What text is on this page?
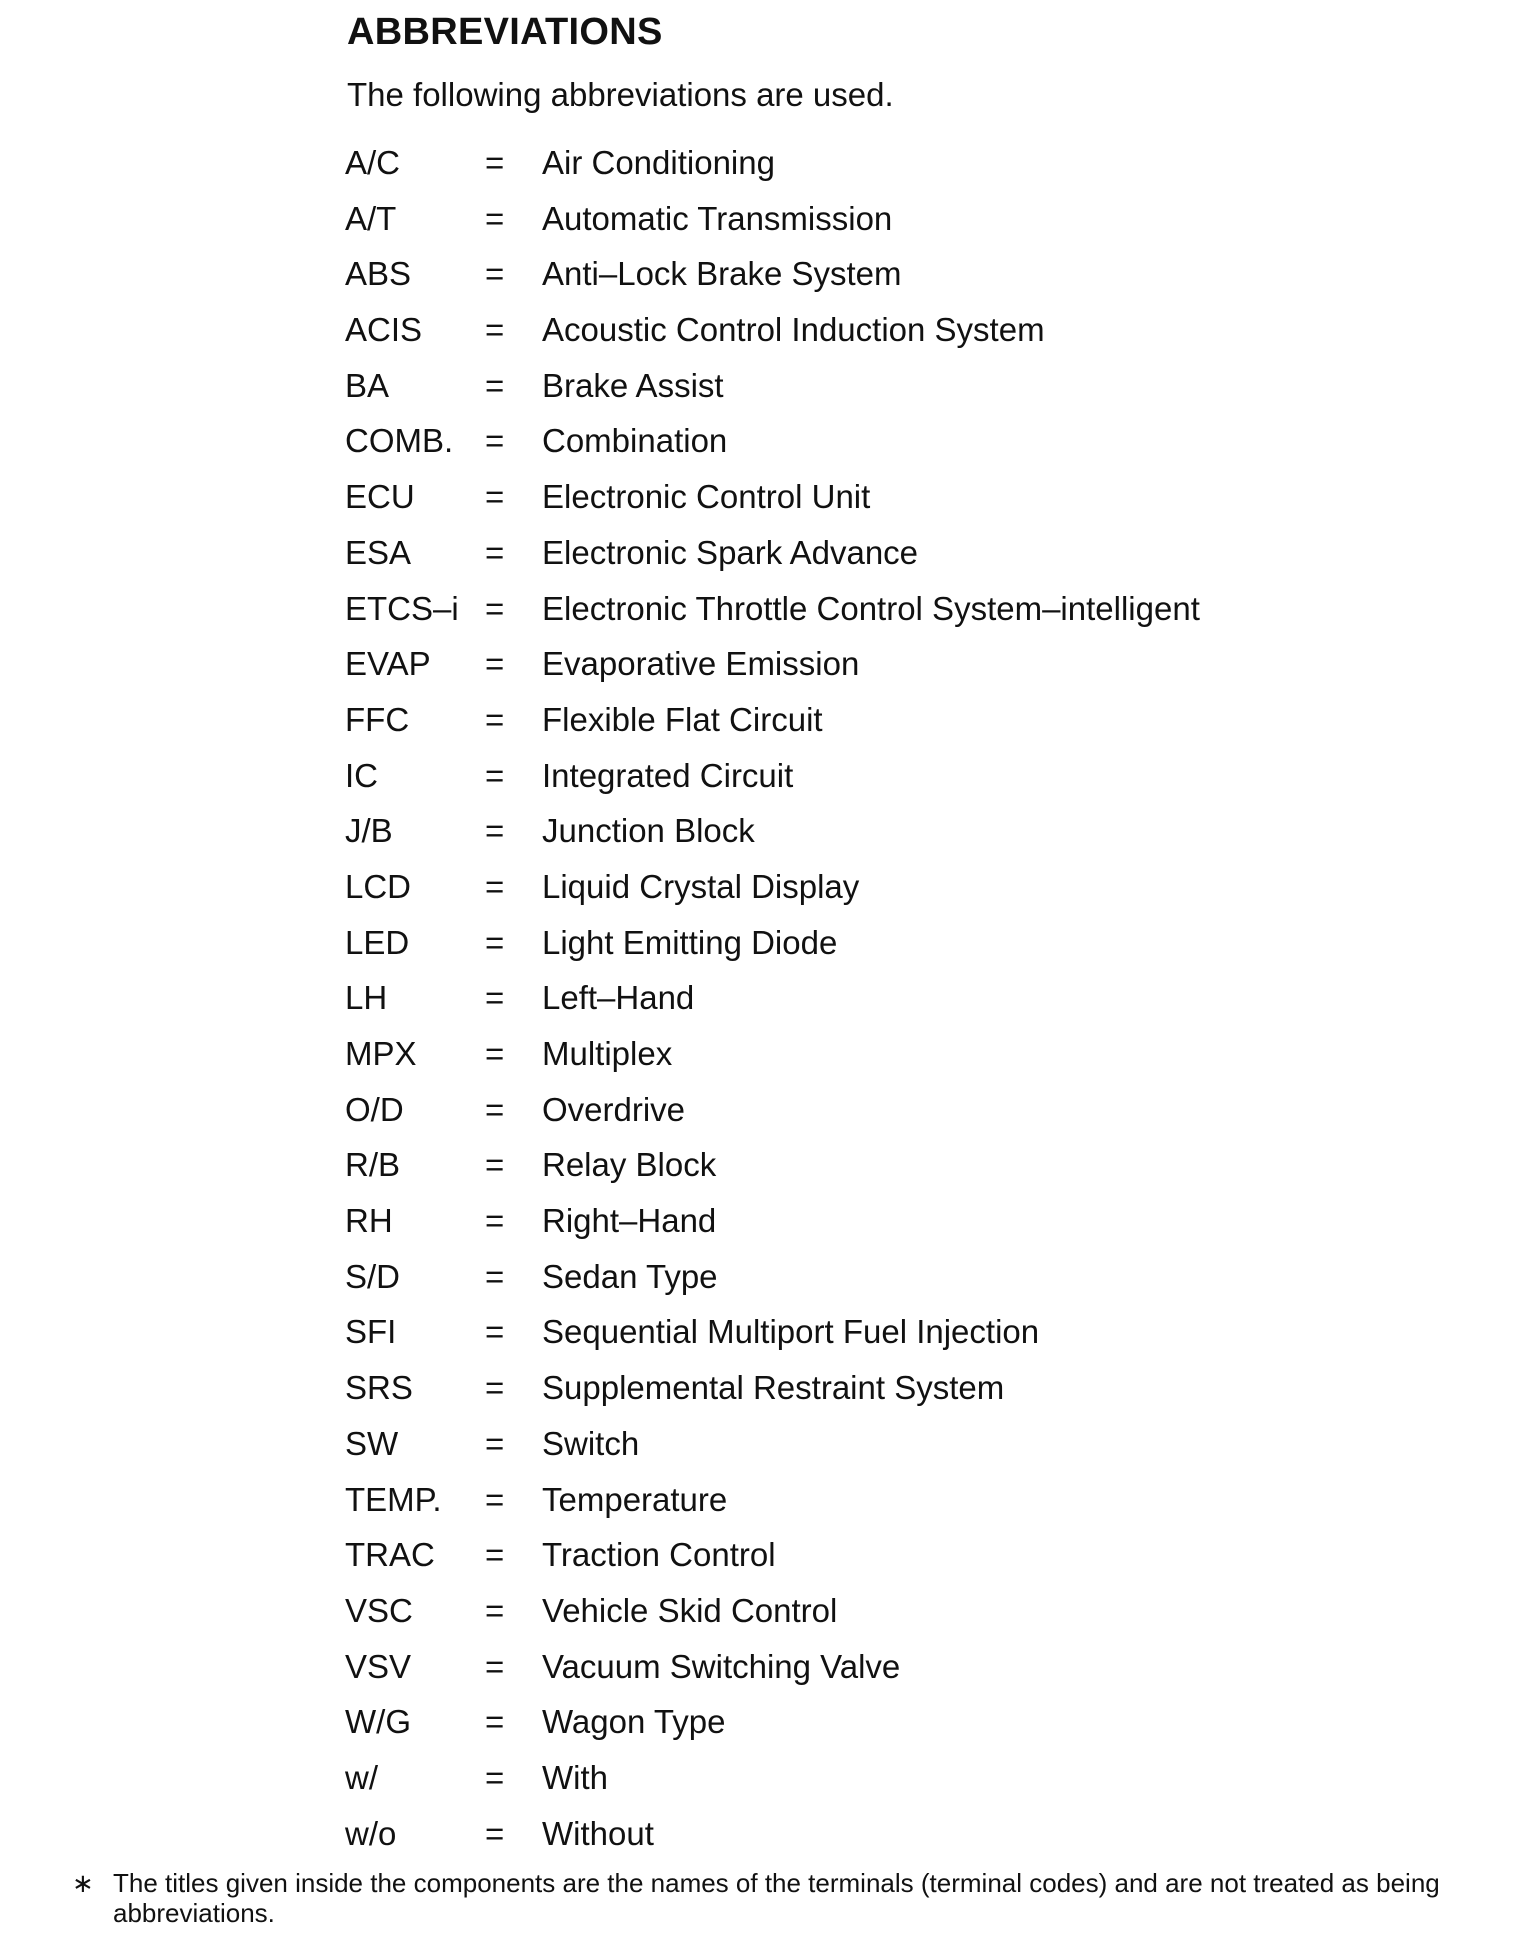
ABBREVIATIONS
The following abbreviations are used.
A/C	= Air Conditioning
A/T	= Automatic Transmission
ABS = Anti–Lock Brake System
ACIS = Acoustic Control Induction System
BA	= Brake Assist
COMB. = Combination
ECU = Electronic Control Unit
ESA = Electronic Spark Advance
ETCS–i = Electronic Throttle Control System–intelligent
EVAP = Evaporative Emission
FFC = Flexible Flat Circuit
IC	= Integrated Circuit
J/B	= Junction Block
LCD = Liquid Crystal Display
LED = Light Emitting Diode
LH	= Left–Hand
MPX = Multiplex
O/D = Overdrive
R/B	= Relay Block
RH	= Right–Hand
S/D	= Sedan Type
SFI	= Sequential Multiport Fuel Injection
SRS = Supplemental Restraint System
SW	= Switch
TEMP. = Temperature
TRAC = Traction Control
VSC = Vehicle Skid Control
VSV = Vacuum Switching Valve
W/G = Wagon Type
w/	= With
w/o	= Without
∗ The titles given inside the components are the names of the terminals (terminal codes) and are not treated as being abbreviations.
